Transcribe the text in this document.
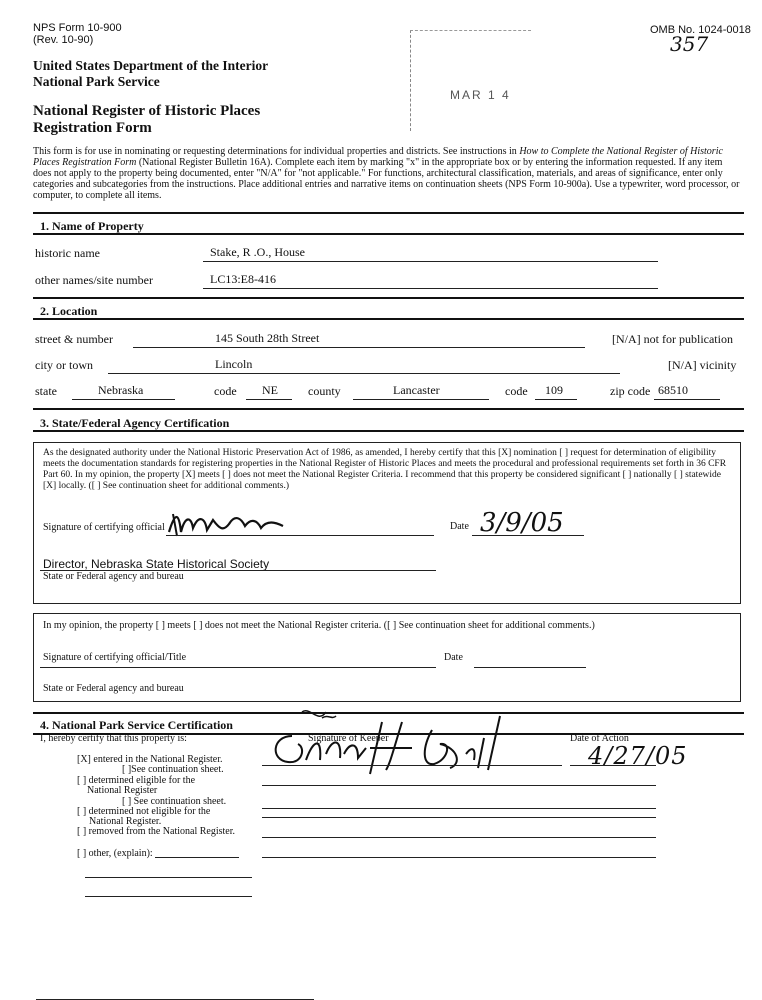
NPS Form 10-900
(Rev. 10-90)
OMB No. 1024-0018
357
United States Department of the Interior
National Park Service
National Register of Historic Places
Registration Form
MAR 1 4
This form is for use in nominating or requesting determinations for individual properties and districts. See instructions in How to Complete the National Register of Historic Places Registration Form (National Register Bulletin 16A). Complete each item by marking "x" in the appropriate box or by entering the information requested. If any item does not apply to the property being documented, enter "N/A" for "not applicable." For functions, architectural classification, materials, and areas of significance, enter only categories and subcategories from the instructions. Place additional entries and narrative items on continuation sheets (NPS Form 10-900a). Use a typewriter, word processor, or computer, to complete all items.
1. Name of Property
historic name	Stake, R .O., House
other names/site number	LC13:E8-416
2. Location
street & number	145 South 28th Street	[N/A] not for publication
city or town	Lincoln	[N/A] vicinity
state	Nebraska	code NE	county	Lancaster	code 109	zip code 68510
3. State/Federal Agency Certification
As the designated authority under the National Historic Preservation Act of 1986, as amended, I hereby certify that this [X] nomination [ ] request for determination of eligibility meets the documentation standards for registering properties in the National Register of Historic Places and meets the procedural and professional requirements set forth in 36 CFR Part 60. In my opinion, the property [X] meets [ ] does not meet the National Register Criteria. I recommend that this property be considered significant [ ] nationally [ ] statewide [X] locally. ([ ] See continuation sheet for additional comments.)
Signature of certifying official	Date 3/9/05
Director, Nebraska State Historical Society
State or Federal agency and bureau
In my opinion, the property [ ] meets [ ] does not meet the National Register criteria. ([ ] See continuation sheet for additional comments.)
Signature of certifying official/Title	Date
State or Federal agency and bureau
4. National Park Service Certification
I, hereby certify that this property is:	Signature of Keeper	Date of Action
4/27/05
[X] entered in the National Register.
[ ]See continuation sheet.
[ ] determined eligible for the
National Register
[ ] See continuation sheet.
[ ] determined not eligible for the
National Register.
[ ] removed from the National Register.
[ ] other, (explain):
